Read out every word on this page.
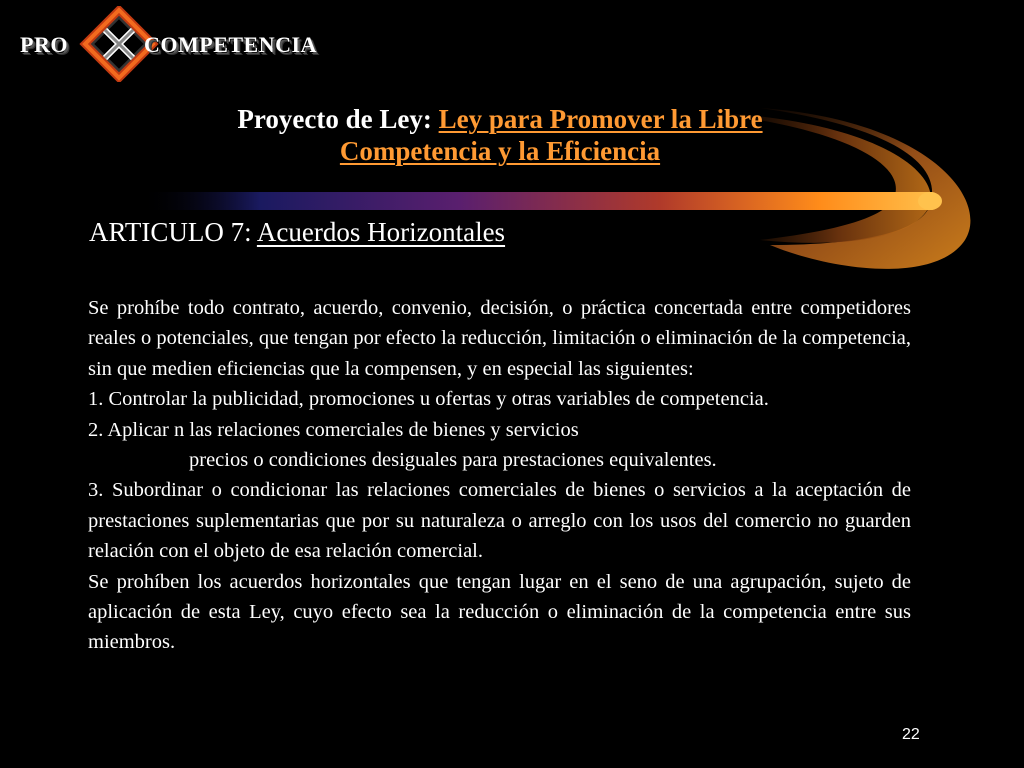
PRO	COMPETENCIA
Proyecto de Ley: Ley para Promover la Libre
Competencia y la Eficiencia
ARTICULO 7: Acuerdos Horizontales

Se prohíbe todo contrato, acuerdo, convenio, decisión, o práctica concertada entre competidores reales o potenciales, que tengan por efecto la reducción, limitación o eliminación de la competencia, sin que medien eficiencias que la compensen, y en especial las siguientes:

1. Controlar la publicidad, promociones u ofertas y otras variables de competencia.

2. Aplicar n las relaciones comerciales de bienes y servicios

precios o condiciones desiguales para prestaciones equivalentes.

3. Subordinar o condicionar las relaciones comerciales de bienes o servicios a la aceptación de prestaciones suplementarias que por su naturaleza o arreglo con los usos del comercio no guarden relación con el objeto de esa relación comercial.

Se prohíben los acuerdos horizontales que tengan lugar en el seno de una agrupación, sujeto de aplicación de esta Ley, cuyo efecto sea la reducción o eliminación de la competencia entre sus miembros.

22
